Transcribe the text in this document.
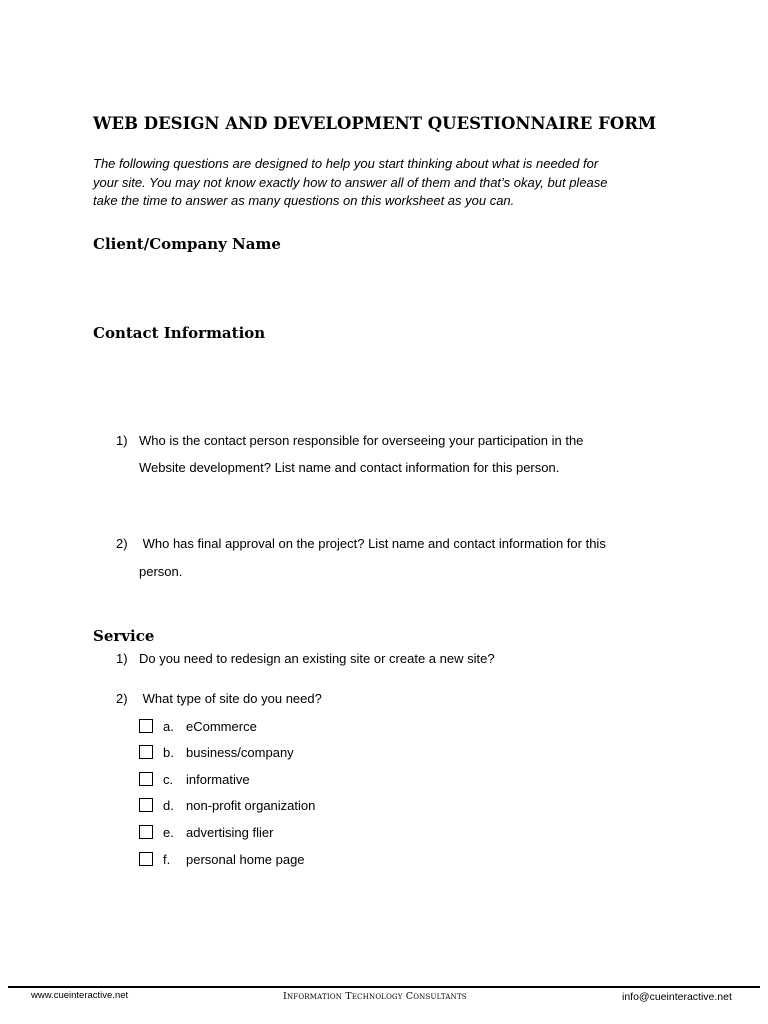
WEB DESIGN AND DEVELOPMENT QUESTIONNAIRE FORM
The following questions are designed to help you start thinking about what is needed for
your site. You may not know exactly how to answer all of them and that’s okay, but please
take the time to answer as many questions on this worksheet as you can.
Client/Company Name
Contact Information
1) Who is the contact person responsible for overseeing your participation in the
Website development? List name and contact information for this person.
2) Who has final approval on the project? List name and contact information for this
person.
Service
1) Do you need to redesign an existing site or create a new site?
2) What type of site do you need?
a. eCommerce
b. business/company
c. informative
d. non-profit organization
e. advertising flier
f. personal home page
www.cueinteractive.net	Information Technology Consultants	info@cueinteractive.net
